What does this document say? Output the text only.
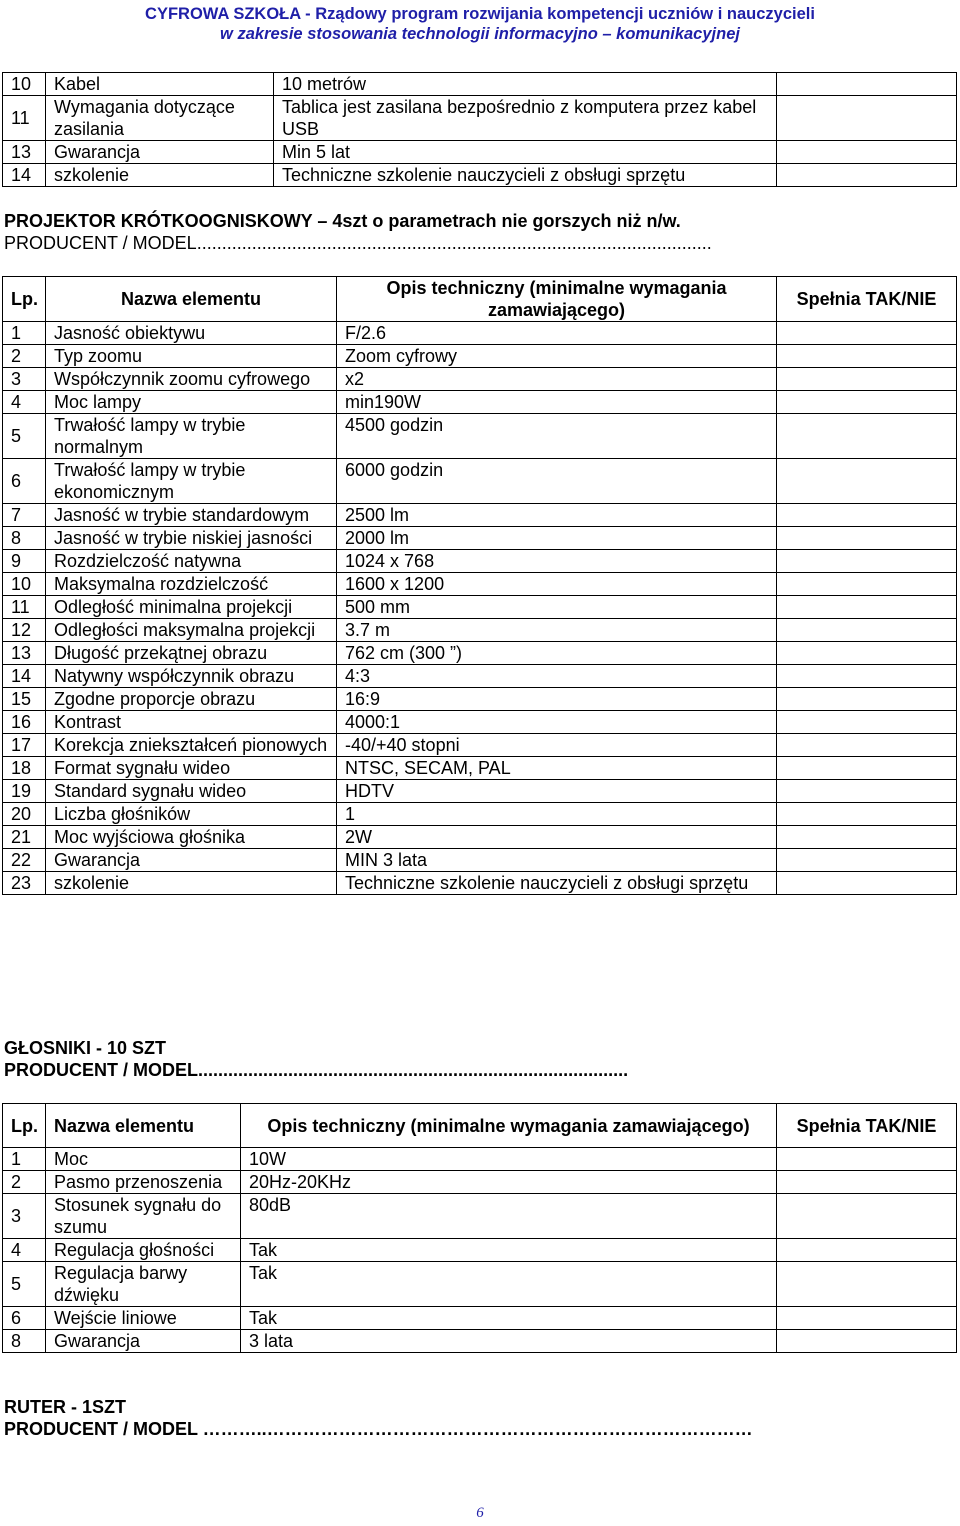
CYFROWA SZKOŁA - Rządowy program rozwijania kompetencji uczniów i nauczycieli
w zakresie stosowania technologii informacyjno – komunikacyjnej
10	Kabel	10 metrów	
11	Wymagania dotyczące zasilania	Tablica jest zasilana bezpośrednio z komputera przez kabel USB	
13	Gwarancja	Min 5 lat	
14	szkolenie	Techniczne szkolenie nauczycieli z obsługi sprzętu	
PROJEKTOR KRÓTKOOGNISKOWY – 4szt o parametrach nie gorszych niż n/w.
PRODUCENT / MODEL.......................................................................................................
Lp.	Nazwa elementu	Opis techniczny (minimalne wymagania zamawiającego)	Spełnia TAK/NIE
1	Jasność obiektywu	F/2.6	
2	Typ zoomu	Zoom cyfrowy	
3	Współczynnik zoomu cyfrowego	x2	
4	Moc lampy	min190W	
5	Trwałość lampy w trybie normalnym	4500 godzin	
6	Trwałość lampy w trybie ekonomicznym	6000 godzin	
7	Jasność w trybie standardowym	2500 lm	
8	Jasność w trybie niskiej jasności	2000 lm	
9	Rozdzielczość natywna	1024 x 768	
10	Maksymalna rozdzielczość	1600 x 1200	
11	Odległość minimalna projekcji	500 mm	
12	Odległości maksymalna projekcji	3.7 m	
13	Długość przekątnej obrazu	762 cm (300 ”)	
14	Natywny współczynnik obrazu	4:3	
15	Zgodne proporcje obrazu	16:9	
16	Kontrast	4000:1	
17	Korekcja zniekształceń pionowych	-40/+40 stopni	
18	Format sygnału wideo	NTSC, SECAM, PAL	
19	Standard sygnału wideo	HDTV	
20	Liczba głośników	1	
21	Moc wyjściowa głośnika	2W	
22	Gwarancja	MIN 3 lata	
23	szkolenie	Techniczne szkolenie nauczycieli z obsługi sprzętu	
GŁOSNIKI - 10 SZT
PRODUCENT / MODEL......................................................................................
Lp.	Nazwa elementu	Opis techniczny (minimalne wymagania zamawiającego)	Spełnia TAK/NIE
1	Moc	10W	
2	Pasmo przenoszenia	20Hz-20KHz	
3	Stosunek sygnału do szumu	80dB	
4	Regulacja głośności	Tak	
5	Regulacja barwy dźwięku	Tak	
6	Wejście liniowe	Tak	
8	Gwarancja	3 lata	
RUTER - 1SZT
PRODUCENT / MODEL ………..………………………………………………………………………
6
